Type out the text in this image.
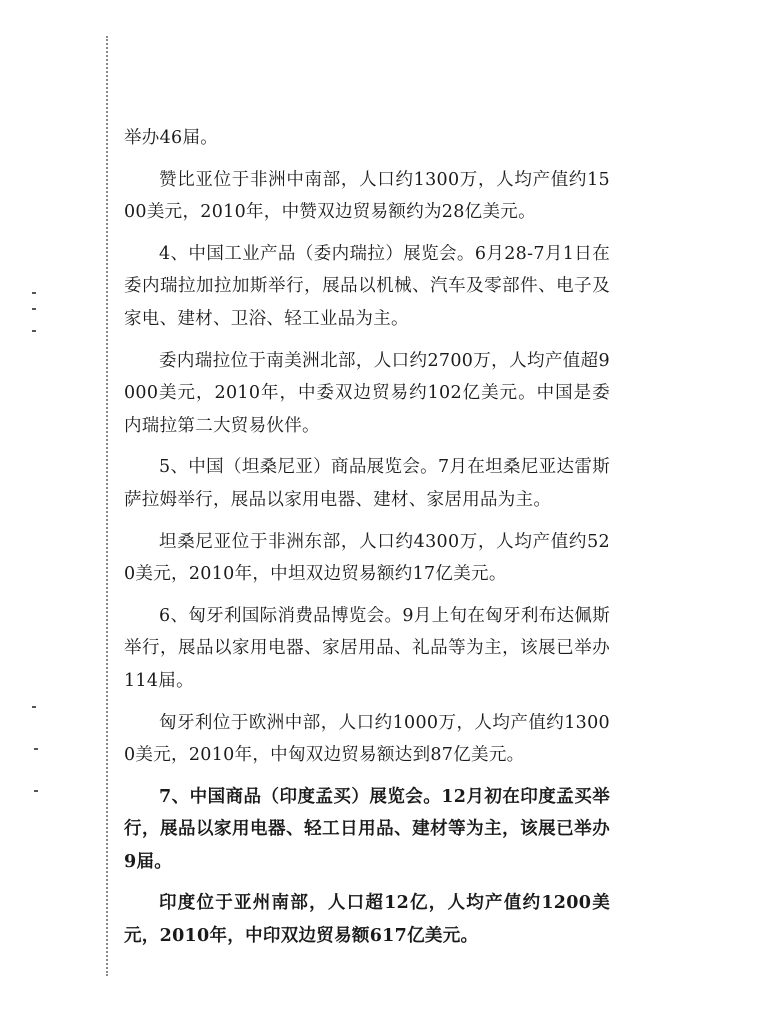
举办46届。

赞比亚位于非洲中南部，人口约1300万，人均产值约1500美元，2010年，中赞双边贸易额约为28亿美元。

4、中国工业产品（委内瑞拉）展览会。6月28-7月1日在委内瑞拉加拉加斯举行，展品以机械、汽车及零部件、电子及家电、建材、卫浴、轻工业品为主。

委内瑞拉位于南美洲北部，人口约2700万，人均产值超9000美元，2010年，中委双边贸易约102亿美元。中国是委内瑞拉第二大贸易伙伴。

5、中国（坦桑尼亚）商品展览会。7月在坦桑尼亚达雷斯萨拉姆举行，展品以家用电器、建材、家居用品为主。

坦桑尼亚位于非洲东部，人口约4300万，人均产值约520美元，2010年，中坦双边贸易额约17亿美元。

6、匈牙利国际消费品博览会。9月上旬在匈牙利布达佩斯举行，展品以家用电器、家居用品、礼品等为主，该展已举办114届。

匈牙利位于欧洲中部，人口约1000万，人均产值约13000美元，2010年，中匈双边贸易额达到87亿美元。

7、中国商品（印度孟买）展览会。12月初在印度孟买举行，展品以家用电器、轻工日用品、建材等为主，该展已举办9届。

印度位于亚州南部，人口超12亿，人均产值约1200美元，2010年，中印双边贸易额617亿美元。
